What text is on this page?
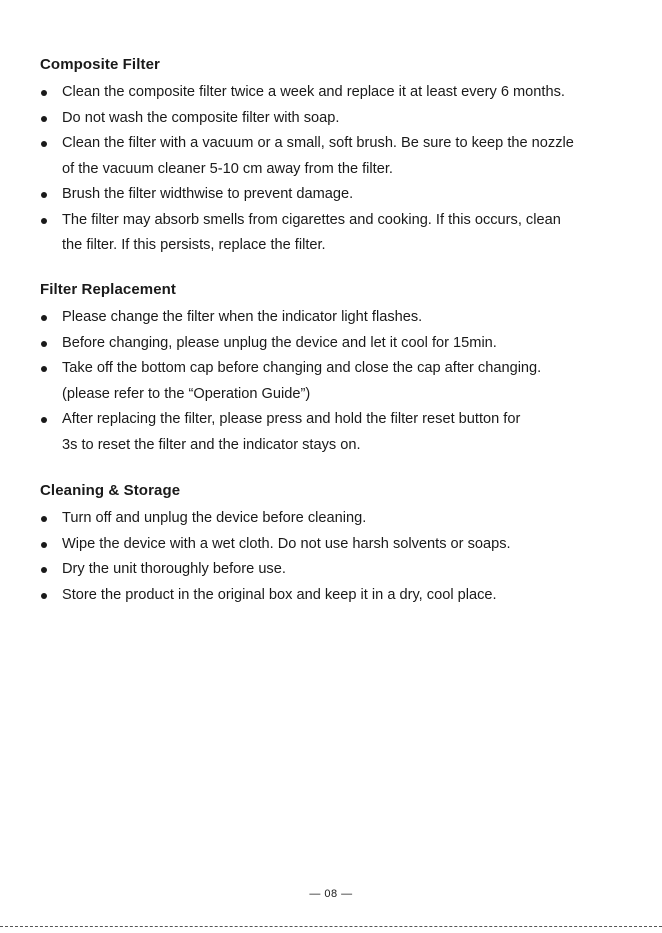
Composite Filter
Clean the composite filter twice a week and replace it at least every 6 months.
Do not wash the composite filter with soap.
Clean the filter with a vacuum or a small, soft brush. Be sure to keep the nozzle
of the vacuum cleaner 5-10 cm away from the filter.
Brush the filter widthwise to prevent damage.
The filter may absorb smells from cigarettes and cooking. If this occurs, clean
the filter. If this persists, replace the filter.
Filter Replacement
Please change the filter when the indicator light flashes.
Before changing, please unplug the device and let it cool for 15min.
Take off the bottom cap before changing and close the cap after changing.
(please refer to the “Operation Guide”)
After replacing the filter, please press and hold the filter reset button for
3s to reset the filter and the indicator stays on.
Cleaning & Storage
Turn off and unplug the device before cleaning.
Wipe the device with a wet cloth. Do not use harsh solvents or soaps.
Dry the unit thoroughly before use.
Store the product in the original box and keep it in a dry, cool place.
— 08 —
